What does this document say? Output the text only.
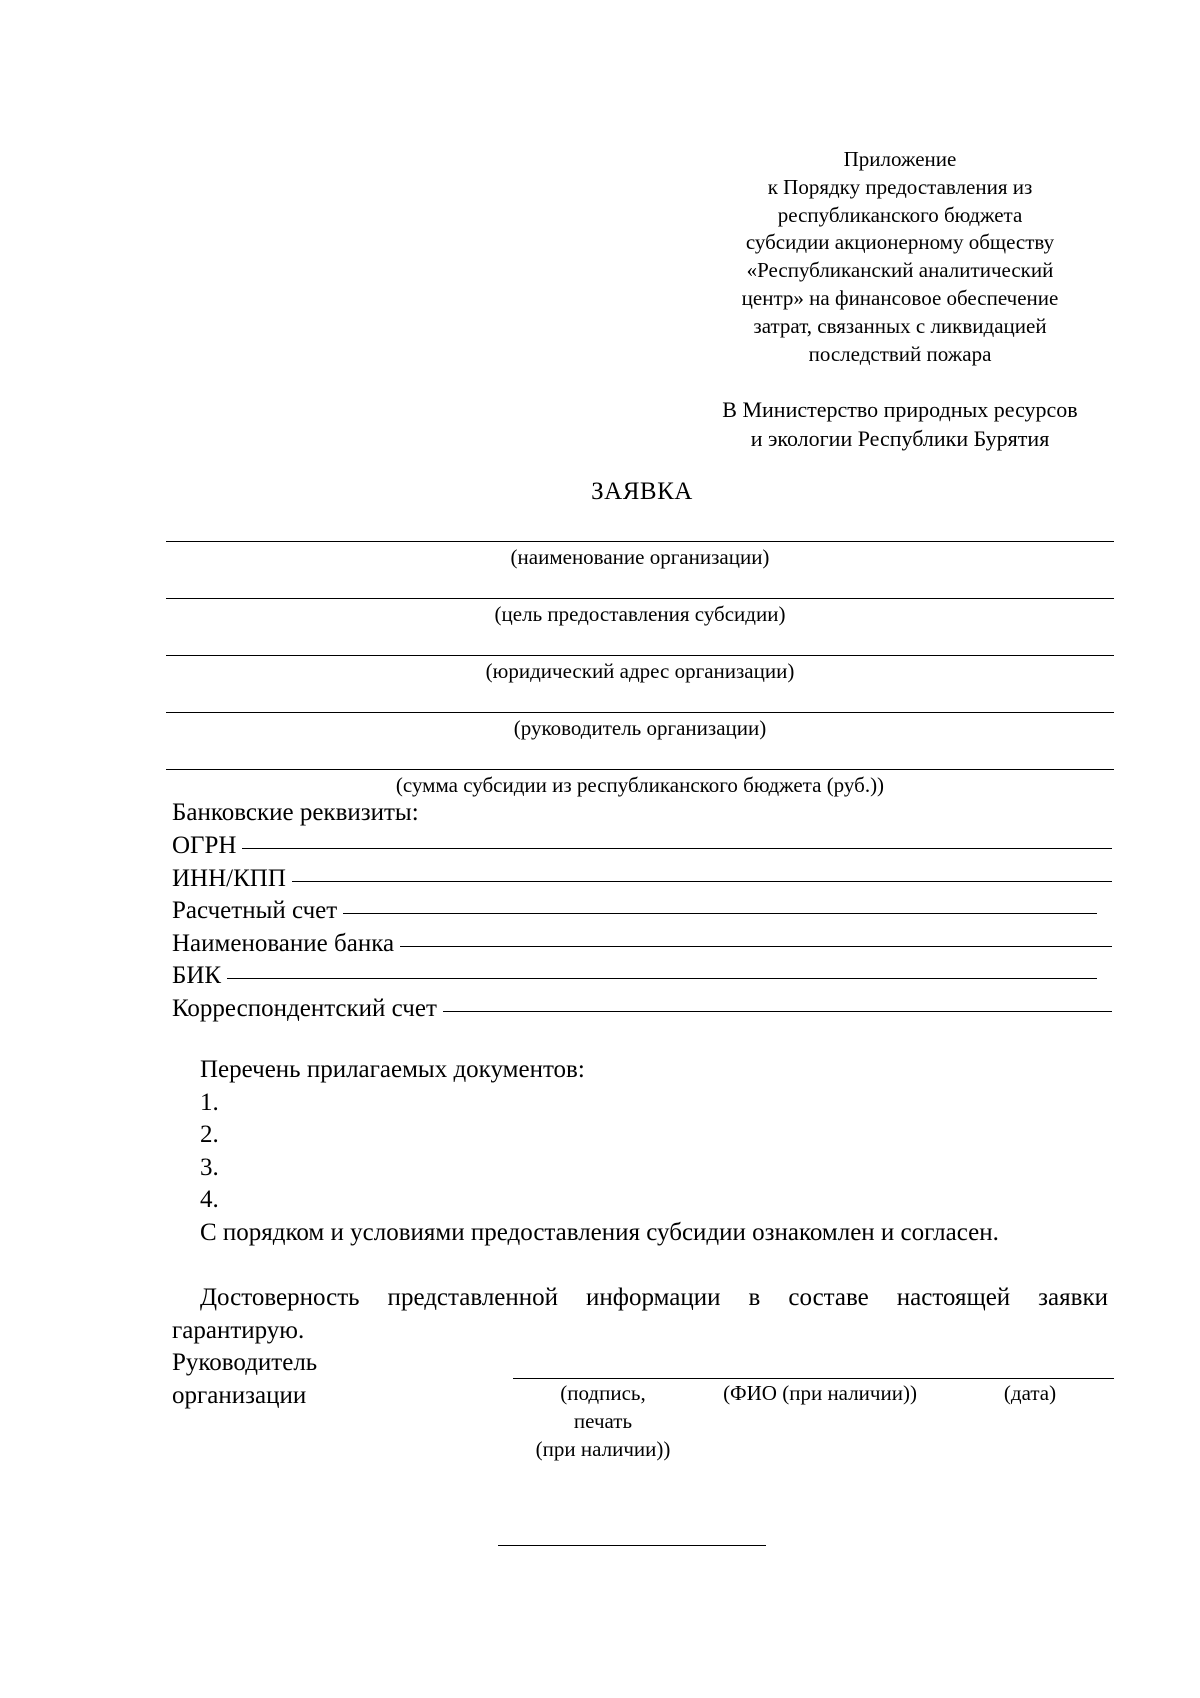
Приложение
к Порядку предоставления из
республиканского бюджета
субсидии акционерному обществу
«Республиканский аналитический
центр» на финансовое обеспечение
затрат, связанных с ликвидацией
последствий пожара
В Министерство природных ресурсов
и экологии Республики Бурятия
ЗАЯВКА
(наименование организации)
(цель предоставления субсидии)
(юридический адрес организации)
(руководитель организации)
(сумма субсидии из республиканского бюджета (руб.))
Банковские реквизиты:
ОГРН
ИНН/КПП
Расчетный счет
Наименование банка
БИК
Корреспондентский счет
Перечень прилагаемых документов:
1.
2.
3.
4.
С порядком и условиями предоставления субсидии ознакомлен и согласен.
Достоверность представленной информации в составе настоящей заявки гарантирую.
Руководитель
организации	(подпись,
печать
(при наличии))
(ФИО (при наличии))	(дата)
